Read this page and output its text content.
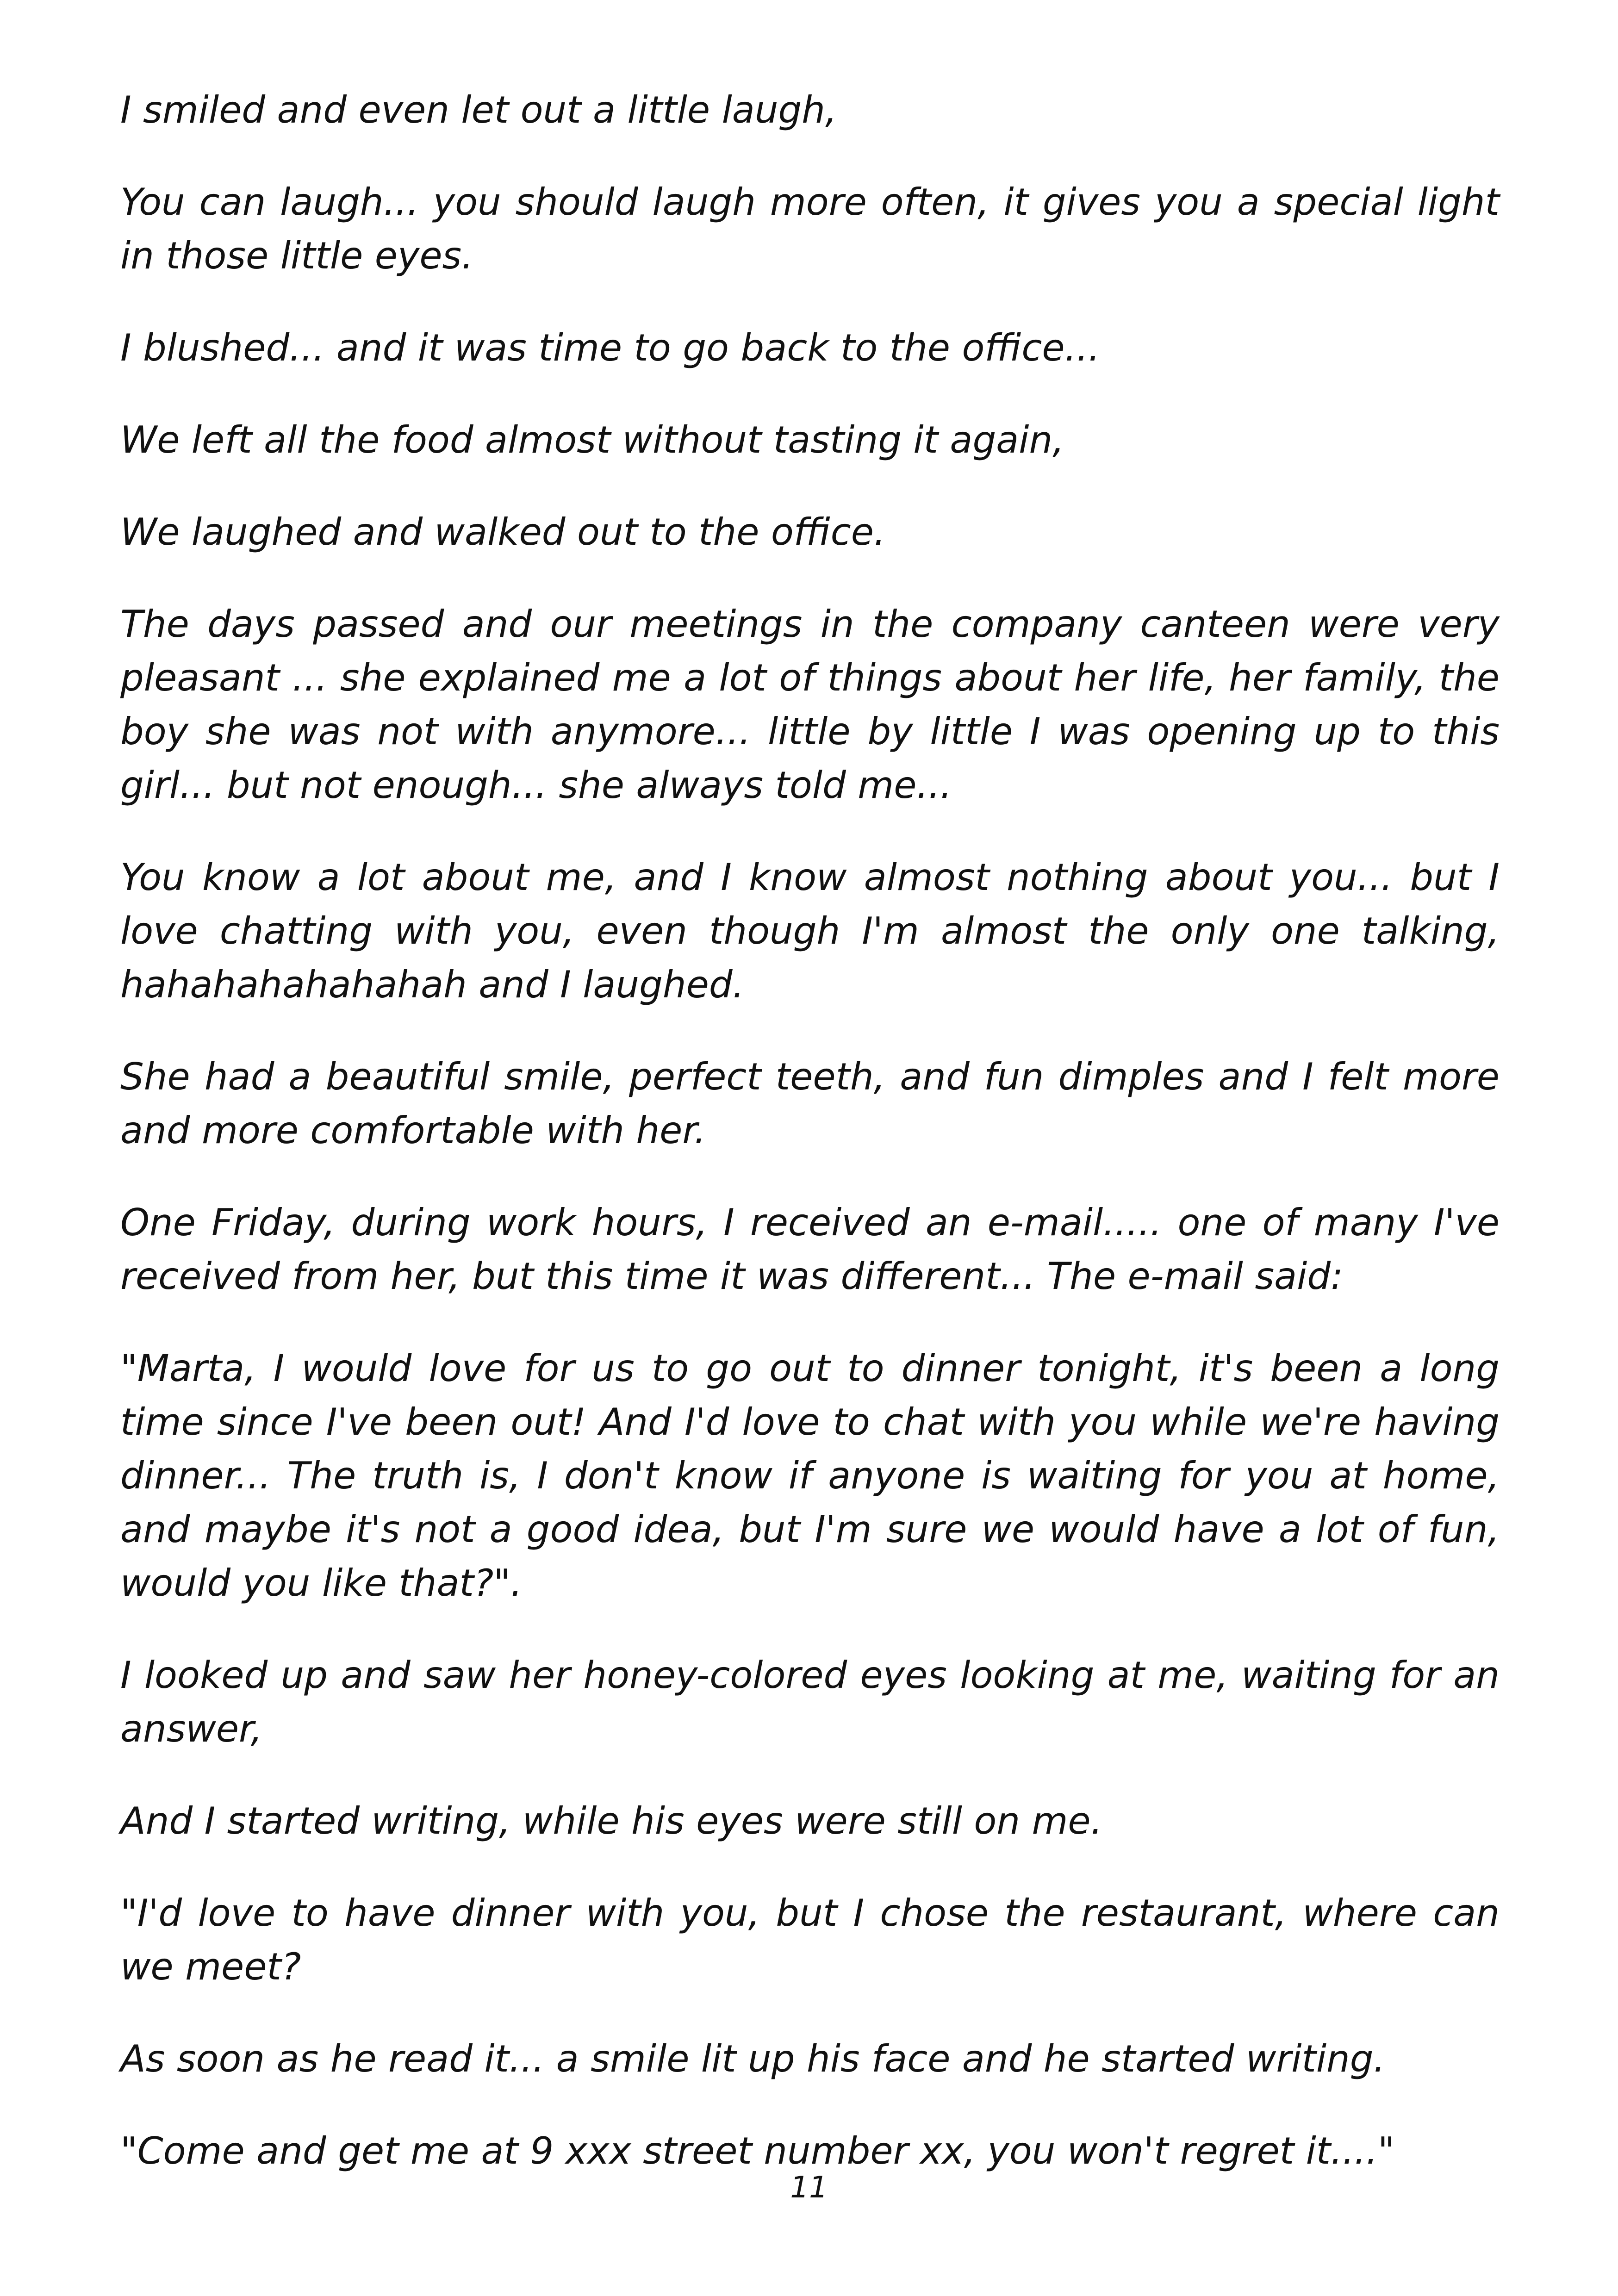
I smiled and even let out a little laugh,

You can laugh... you should laugh more often, it gives you a special light in those little eyes.

I blushed... and it was time to go back to the office...

We left all the food almost without tasting it again,

We laughed and walked out to the office.

The days passed and our meetings in the company canteen were very pleasant ... she explained me a lot of things about her life, her family, the boy she was not with anymore... little by little I was opening up to this girl... but not enough... she always told me...

You know a lot about me, and I know almost nothing about you... but I love chatting with you, even though I'm almost the only one talking, hahahahahahahah and I laughed.

She had a beautiful smile, perfect teeth, and fun dimples and I felt more and more comfortable with her.

One Friday, during work hours, I received an e-mail..... one of many I've received from her, but this time it was different... The e-mail said:

"Marta, I would love for us to go out to dinner tonight, it's been a long time since I've been out! And I'd love to chat with you while we're having dinner... The truth is, I don't know if anyone is waiting for you at home, and maybe it's not a good idea, but I'm sure we would have a lot of fun, would you like that?".

I looked up and saw her honey-colored eyes looking at me, waiting for an answer,

And I started writing, while his eyes were still on me.

"I'd love to have dinner with you, but I chose the restaurant, where can we meet?

As soon as he read it... a smile lit up his face and he started writing.

"Come and get me at 9 xxx street number xx, you won't regret it...."

11
